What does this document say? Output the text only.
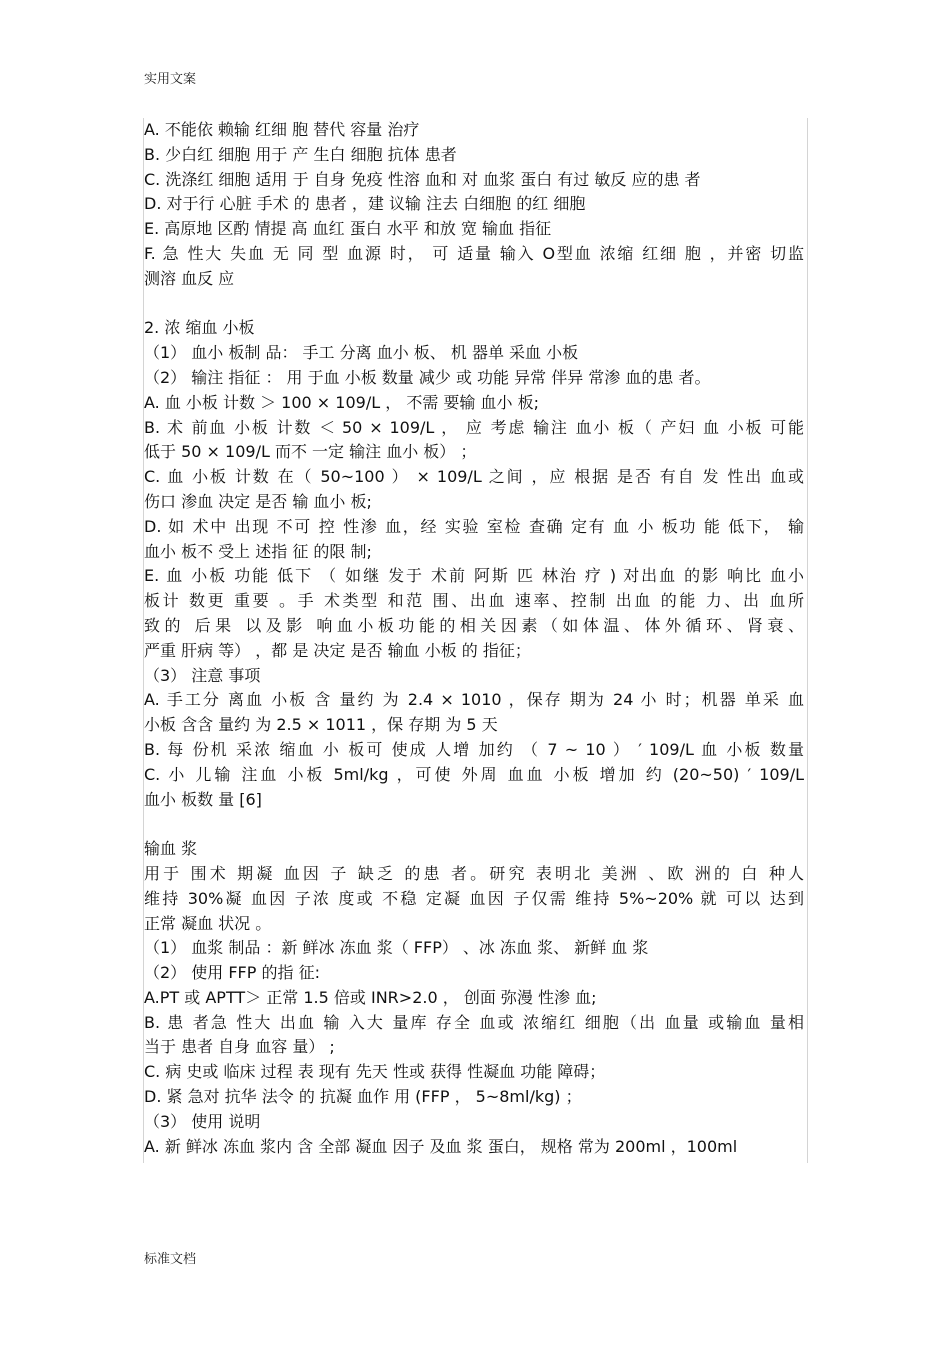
实用文案
A. 不能依 赖输 红细 胞 替代 容量 治疗
B. 少白红 细胞 用于 产 生白 细胞 抗体 患者
C. 洗涤红 细胞 适用 于 自身 免疫 性溶 血和 对 血浆 蛋白 有过 敏反 应的患 者
D. 对于行 心脏 手术 的 患者 ，建 议输 注去 白细胞 的红 细胞
E. 高原地 区酌 情提 高 血红 蛋白 水平 和放 宽 输血 指征
F. 急 性大 失血 无 同 型 血源 时， 可 适量 输入 O型血 浓缩 红细 胞 ，并密 切监
测溶 血反 应
2. 浓 缩血 小板
（1） 血小 板制 品： 手工 分离 血小 板、 机 器单 采血 小板
（2） 输注 指征 ： 用 于血 小板 数量 减少 或 功能 异常 伴异 常渗 血的患 者。
A. 血 小板 计数 ＞ 100 × 109/L ， 不需 要输 血小 板;
B. 术 前血 小板 计数 ＜ 50 × 109/L ， 应 考虑 输注 血小 板（ 产妇 血 小板 可能
低于 50 × 109/L 而不 一定 输注 血小 板） ；
C. 血 小板 计数 在（ 50~100 ） × 109/L 之间 ，应 根据 是否 有自 发 性出 血或
伤口 渗血 决定 是否 输 血小 板;
D. 如 术中 出现 不可 控 性渗 血，经 实验 室检 查确 定有 血 小 板功 能 低下， 输
血小 板不 受上 述指 征 的限 制;
E. 血 小板 功能 低下 （ 如继 发于 术前 阿斯 匹 林治 疗 ) 对出血 的影 响比 血小
板计 数更 重要 。手 术类型 和范 围、出血 速率、控制 出血 的能 力、出 血所
致的 后果 以及影 响血小板功能的相关因素（如体温、体外循环、肾衰、
严重 肝病 等） ，都 是 决定 是否 输血 小板 的 指征；
（3） 注意 事项
A. 手工分 离血 小板 含 量约 为 2.4 × 1010 ，保存 期为 24 小 时；机器 单采 血
小板 含含 量约 为 2.5 × 1011 ，保 存期 为 5 天
B. 每 份机 采浓 缩血 小 板可 使成 人增 加约 （ 7 ~ 10 ） ′ 109/L 血 小板 数量
C. 小 儿输 注血 小板 5ml/kg ，可使 外周 血血 小板 增加 约 (20~50) ′ 109/L
血小 板数 量 [6]
输血 浆
用于 围术 期凝 血因 子 缺乏 的患 者。研究 表明北 美洲 、欧 洲的 白 种人
维持 30%凝 血因 子浓 度或 不稳 定凝 血因 子仅需 维持 5%~20% 就 可以 达到
正常 凝血 状况 。
（1） 血浆 制品 ：新 鲜冰 冻血 浆（ FFP） 、冰 冻血 浆、 新鲜 血 浆
（2） 使用 FFP 的指 征:
A.PT 或 APTT＞ 正常 1.5 倍或 INR>2.0 ， 创面 弥漫 性渗 血;
B. 患 者急 性大 出血 输 入大 量库 存全 血或 浓缩红 细胞（出 血量 或输血 量相
当于 患者 自身 血容 量） ;
C. 病 史或 临床 过程 表 现有 先天 性或 获得 性凝血 功能 障碍；
D. 紧 急对 抗华 法令 的 抗凝 血作 用 (FFP ， 5~8ml/kg) ；
（3） 使用 说明
A. 新 鲜冰 冻血 浆内 含 全部 凝血 因子 及血 浆 蛋白， 规格 常为 200ml ，100ml
标准文档
